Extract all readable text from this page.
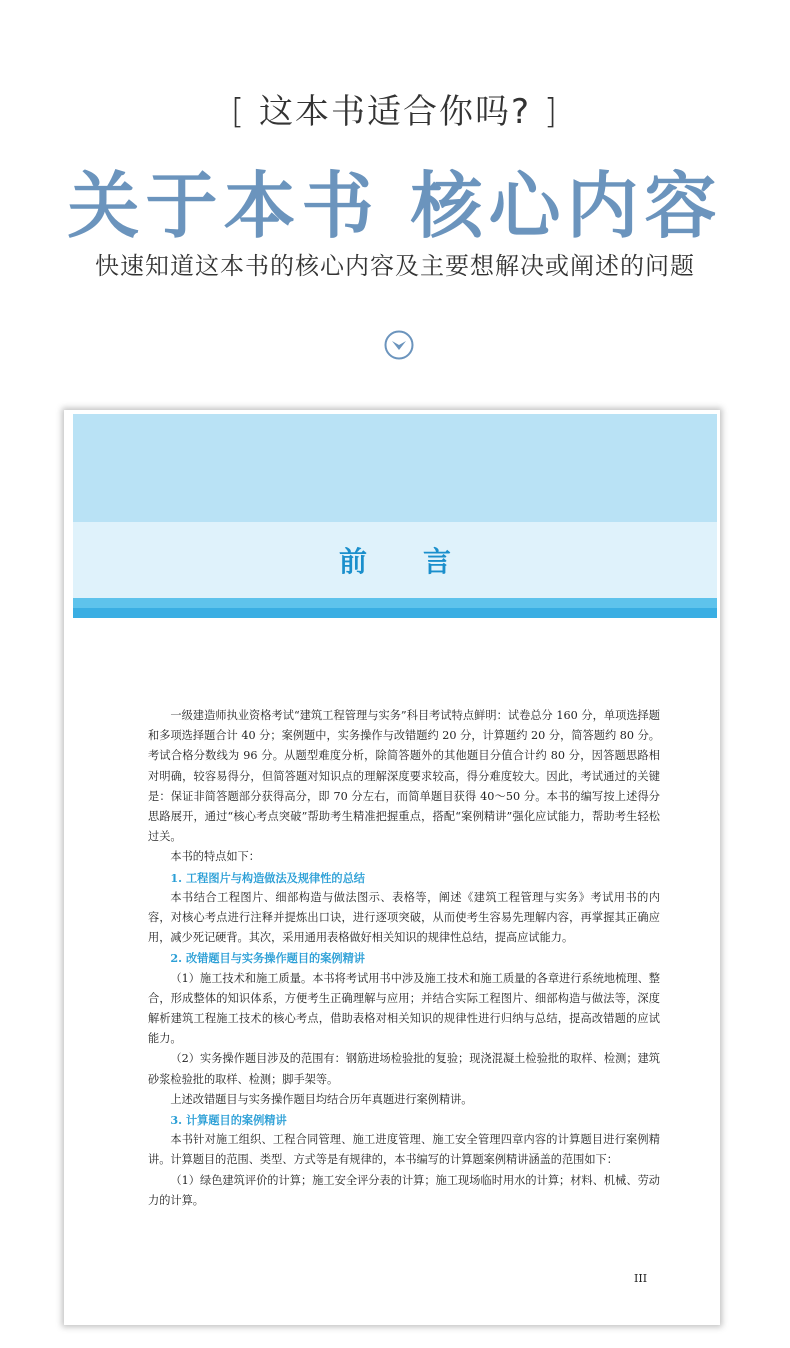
[ 这本书适合你吗? ]
关于本书 核心内容
快速知道这本书的核心内容及主要想解决或阐述的问题
前言

一级建造师执业资格考试“建筑工程管理与实务”科目考试特点鲜明：试卷总分 160 分，单项选择题和多项选择题合计 40 分；案例题中，实务操作与改错题约 20 分，计算题约 20 分，简答题约 80 分。考试合格分数线为 96 分。从题型难度分析，除简答题外的其他题目分值合计约 80 分，因答题思路相对明确，较容易得分，但简答题对知识点的理解深度要求较高，得分难度较大。因此，考试通过的关键是：保证非简答题部分获得高分，即 70 分左右，而简单题目获得 40～50 分。本书的编写按上述得分思路展开，通过“核心考点突破”帮助考生精准把握重点，搭配“案例精讲”强化应试能力，帮助考生轻松过关。

本书的特点如下：

1. 工程图片与构造做法及规律性的总结

本书结合工程图片、细部构造与做法图示、表格等，阐述《建筑工程管理与实务》考试用书的内容，对核心考点进行注释并提炼出口诀，进行逐项突破，从而使考生容易先理解内容，再掌握其正确应用，减少死记硬背。其次，采用通用表格做好相关知识的规律性总结，提高应试能力。

2. 改错题目与实务操作题目的案例精讲

（1）施工技术和施工质量。本书将考试用书中涉及施工技术和施工质量的各章进行系统地梳理、整合，形成整体的知识体系，方便考生正确理解与应用；并结合实际工程图片、细部构造与做法等，深度解析建筑工程施工技术的核心考点，借助表格对相关知识的规律性进行归纳与总结，提高改错题的应试能力。

（2）实务操作题目涉及的范围有：钢筋进场检验批的复验；现浇混凝土检验批的取样、检测；建筑砂浆检验批的取样、检测；脚手架等。

上述改错题目与实务操作题目均结合历年真题进行案例精讲。

3. 计算题目的案例精讲

本书针对施工组织、工程合同管理、施工进度管理、施工安全管理四章内容的计算题目进行案例精讲。计算题目的范围、类型、方式等是有规律的，本书编写的计算题案例精讲涵盖的范围如下：

（1）绿色建筑评价的计算；施工安全评分表的计算；施工现场临时用水的计算；材料、机械、劳动力的计算。

III
